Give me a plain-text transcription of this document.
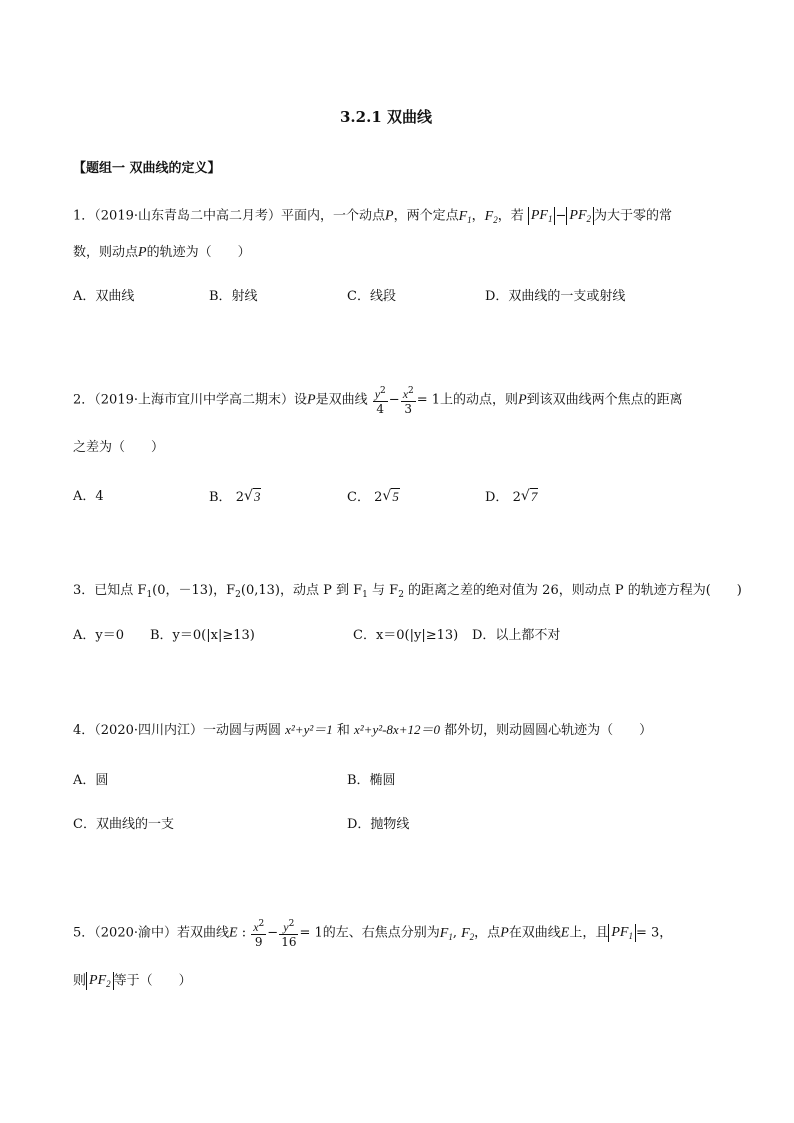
3.2.1 双曲线
【题组一 双曲线的定义】
1．（2019·山东青岛二中高二月考）平面内，一个动点P，两个定点$F_1$，$F_2$，若 $PF_1 - PF_2$ 为大于零的常
数，则动点P的轨迹为（　　）
A．双曲线	B．射线	C．线段	D．双曲线的一支或射线
2．（2019·上海市宜川中学高二期末）设P是双曲线 $\frac{y^2}{4} - \frac{x^2}{3} = 1$上的动点，则P到该双曲线两个焦点的距离
之差为（　　）
A．4	B． 2 √ 3	C． 2 √ 5	D． 2 √ 7
3．已知点 $F_1(0$，－13)，$F_2(0,13)$，动点 P 到 $F_1$ 与 $F_2$ 的距离之差的绝对值为 26，则动点 P 的轨迹方程为(　　)
A．y＝0 B．y＝0(|x|≥13)	C．x＝0(|y|≥13) D．以上都不对
4．（2020·四川内江）一动圆与两圆 x²+y²＝1 和 x²+y²-8x+12＝0 都外切，则动圆圆心轨迹为（　　）
A．圆	B．椭圆
C．双曲线的一支	D．抛物线
5．（2020·渝中）若双曲线E : $\frac{x^2}{9} - \frac{y^2}{16} = 1$的左、右焦点分别为$F_1$, $F_2$，点P在双曲线E上，且 $PF_1 = 3$，
则 $PF_2$ 等于（　　）
